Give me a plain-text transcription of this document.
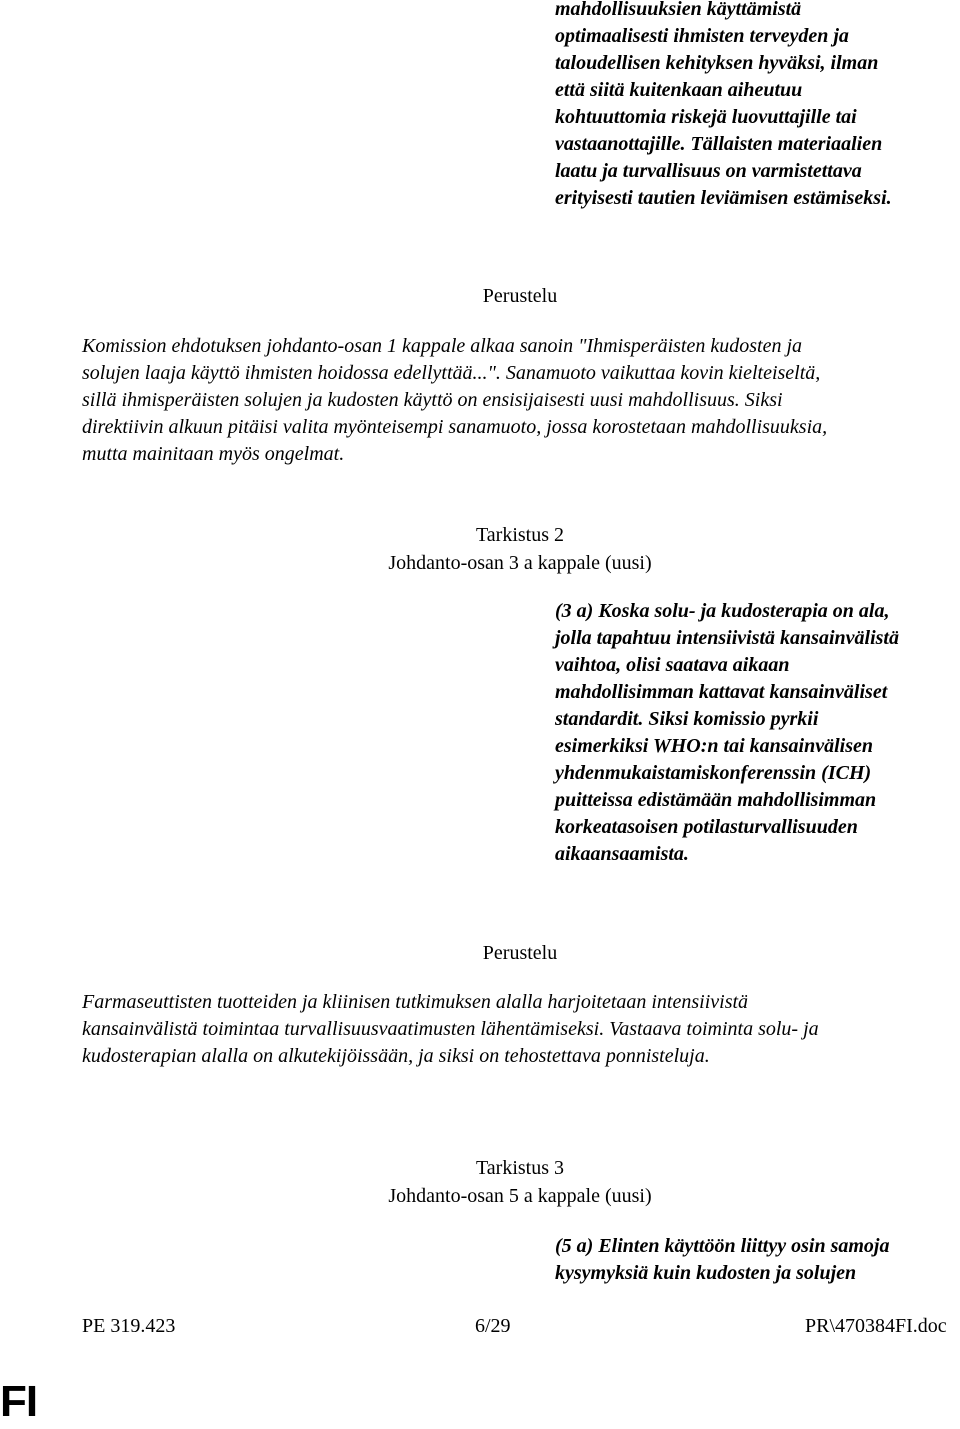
mahdollisuuksien käyttämistä
optimaalisesti ihmisten terveyden ja
taloudellisen kehityksen hyväksi, ilman
että siitä kuitenkaan aiheutuu
kohtuuttomia riskejä luovuttajille tai
vastaanottajille. Tällaisten materiaalien
laatu ja turvallisuus on varmistettava
erityisesti tautien leviämisen estämiseksi.
Perustelu
Komission ehdotuksen johdanto-osan 1 kappale alkaa sanoin "Ihmisperäisten kudosten ja
solujen laaja käyttö ihmisten hoidossa edellyttää...". Sanamuoto vaikuttaa kovin kielteiseltä,
sillä ihmisperäisten solujen ja kudosten käyttö on ensisijaisesti uusi mahdollisuus. Siksi
direktiivin alkuun pitäisi valita myönteisempi sanamuoto, jossa korostetaan mahdollisuuksia,
mutta mainitaan myös ongelmat.
Tarkistus 2
Johdanto-osan 3 a kappale (uusi)
(3 a) Koska solu- ja kudosterapia on ala,
jolla tapahtuu intensiivistä kansainvälistä
vaihtoa, olisi saatava aikaan
mahdollisimman kattavat kansainväliset
standardit. Siksi komissio pyrkii
esimerkiksi WHO:n tai kansainvälisen
yhdenmukaistamiskonferenssin (ICH)
puitteissa edistämään mahdollisimman
korkeatasoisen potilasturvallisuuden
aikaansaamista.
Perustelu
Farmaseuttisten tuotteiden ja kliinisen tutkimuksen alalla harjoitetaan intensiivistä
kansainvälistä toimintaa turvallisuusvaatimusten lähentämiseksi. Vastaava toiminta solu- ja
kudosterapian alalla on alkutekijöissään, ja siksi on tehostettava ponnisteluja.
Tarkistus 3
Johdanto-osan 5 a kappale (uusi)
(5 a) Elinten käyttöön liittyy osin samoja
kysymyksiä kuin kudosten ja solujen
PE 319.423	6/29	PR\470384FI.doc
FI
